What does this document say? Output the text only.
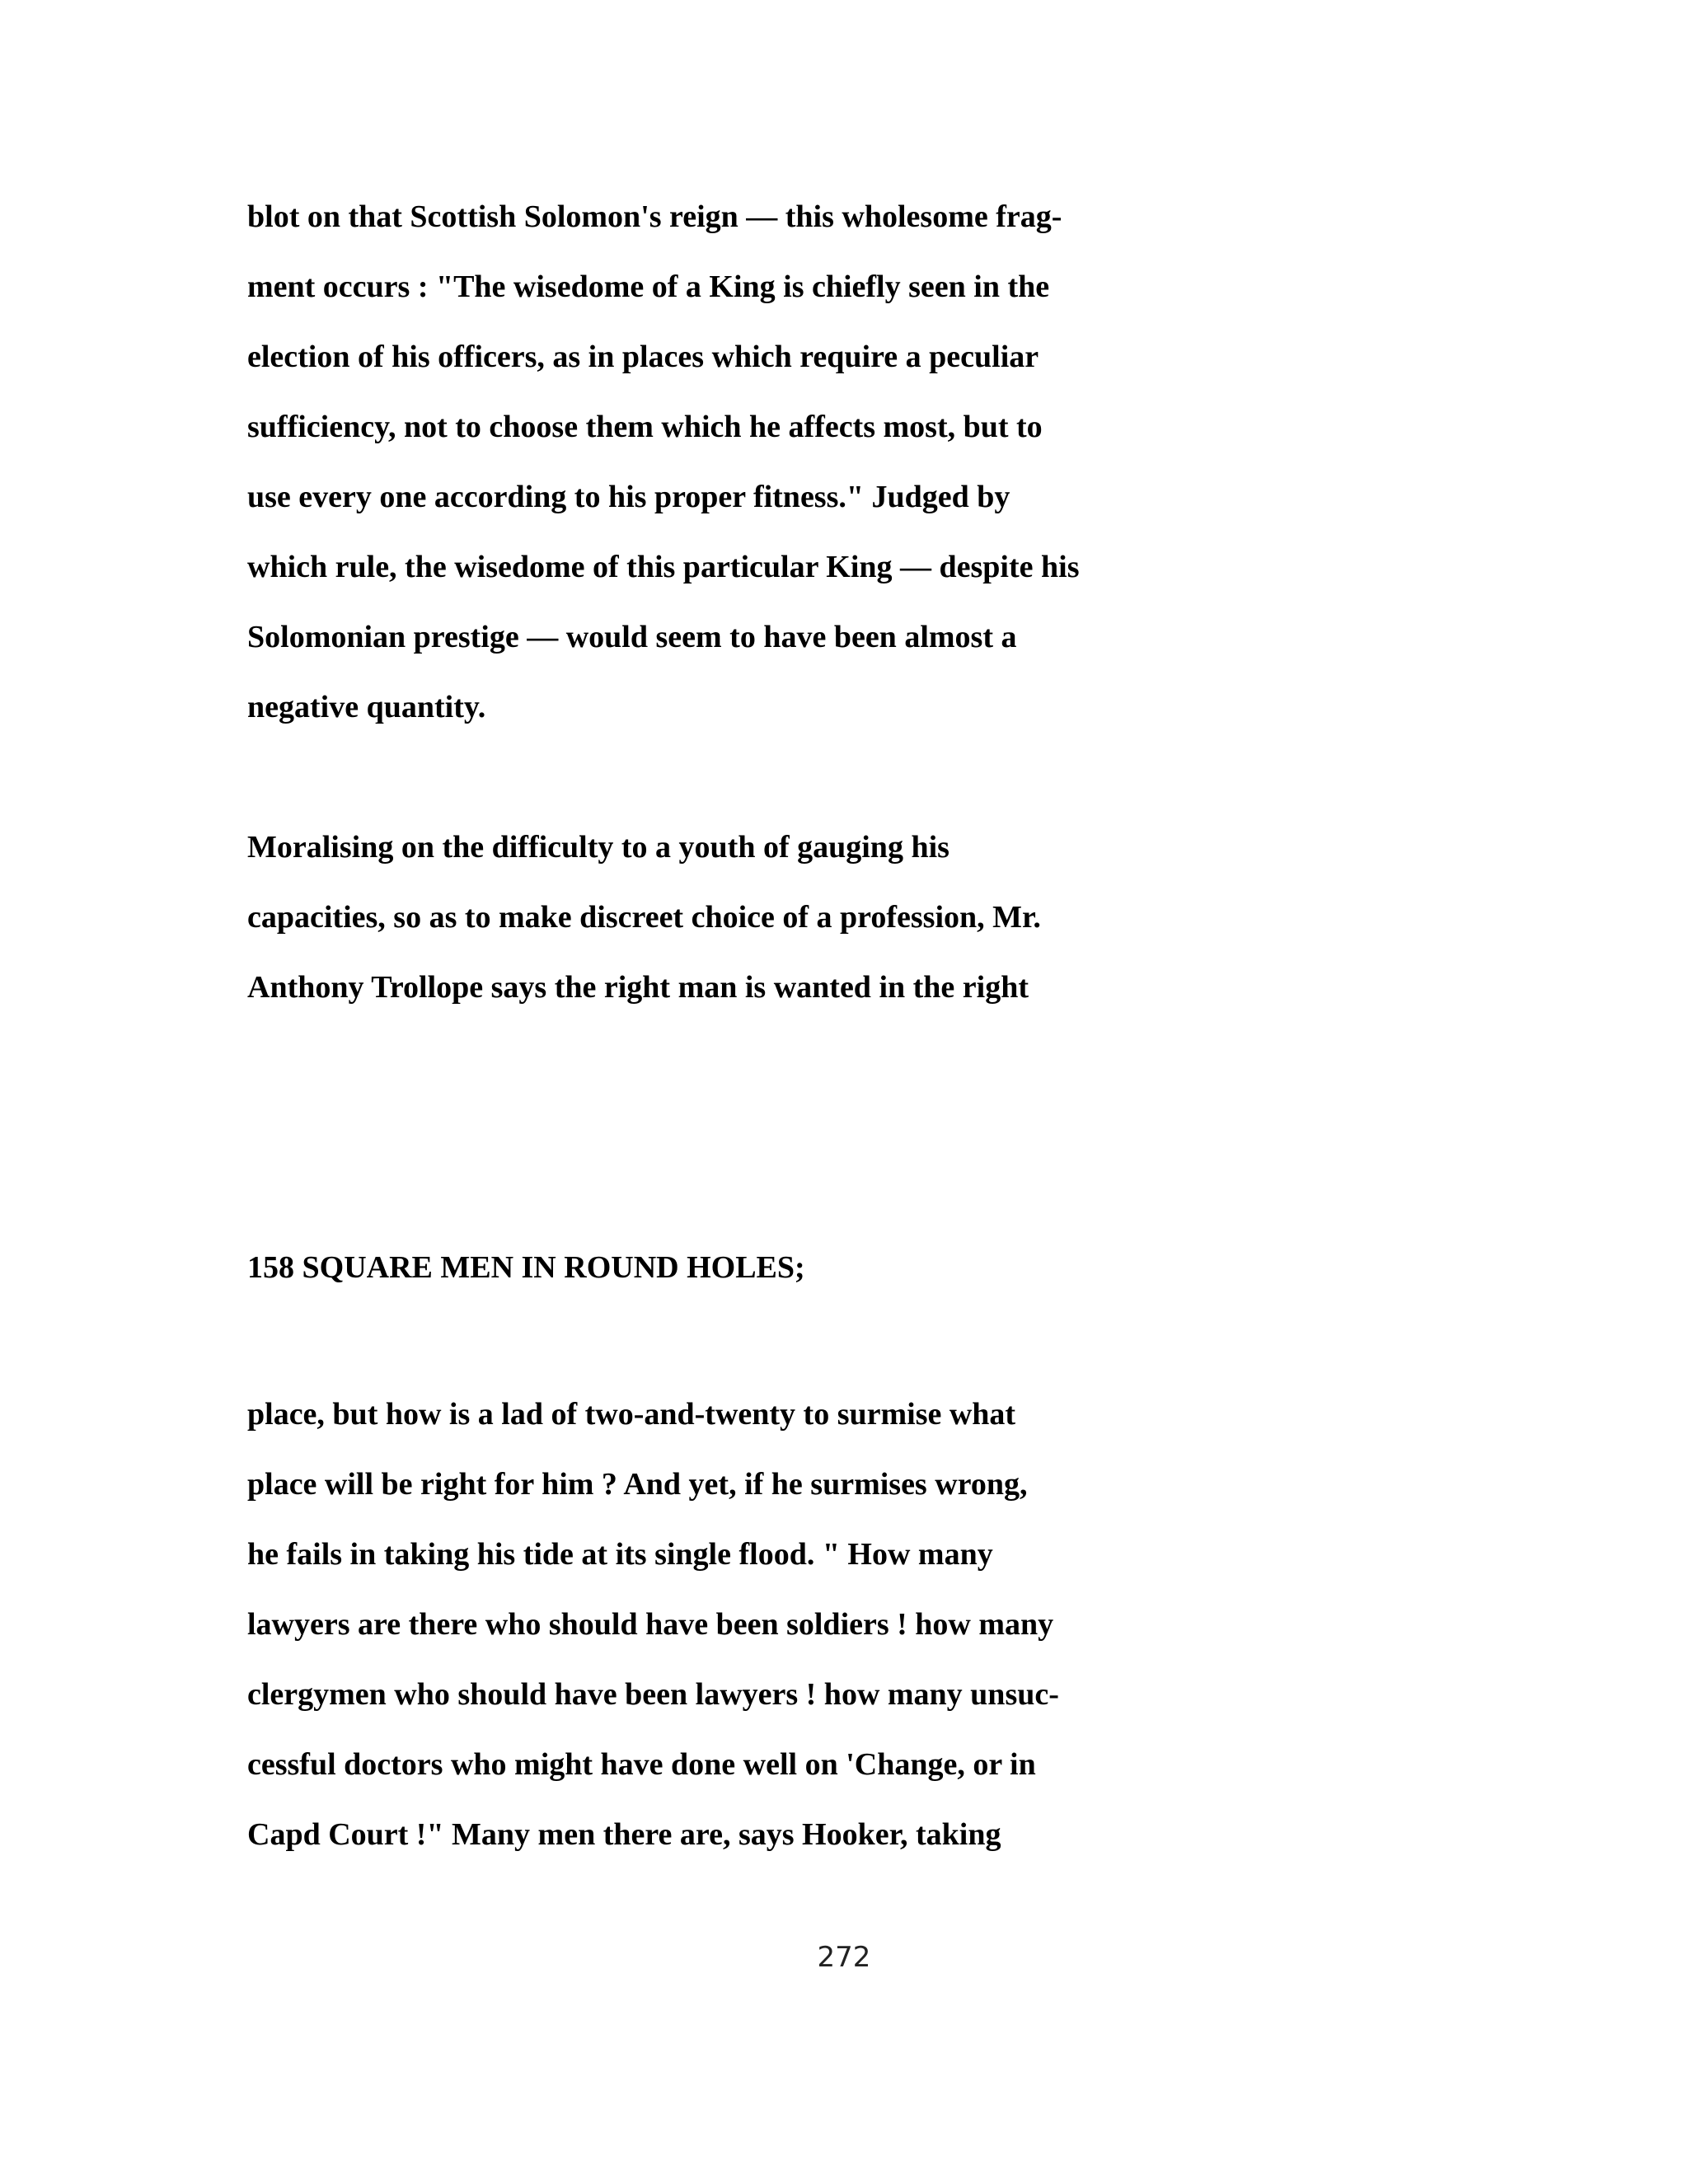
blot on that Scottish Solomon's reign — this wholesome frag-

ment occurs : "The wisedome of a King is chiefly seen in the

election of his officers, as in places which require a peculiar

sufficiency, not to choose them which he affects most, but to

use every one according to his proper fitness." Judged by

which rule, the wisedome of this particular King — despite his

Solomonian prestige — would seem to have been almost a

negative quantity.

Moralising on the difficulty to a youth of gauging his

capacities, so as to make discreet choice of a profession, Mr.

Anthony Trollope says the right man is wanted in the right

158 SQUARE MEN IN ROUND HOLES;

place, but how is a lad of two-and-twenty to surmise what

place will be right for him ? And yet, if he surmises wrong,

he fails in taking his tide at its single flood. " How many

lawyers are there who should have been soldiers ! how many

clergymen who should have been lawyers ! how many unsuc-

cessful doctors who might have done well on 'Change, or in

Capd Court !" Many men there are, says Hooker, taking

272
